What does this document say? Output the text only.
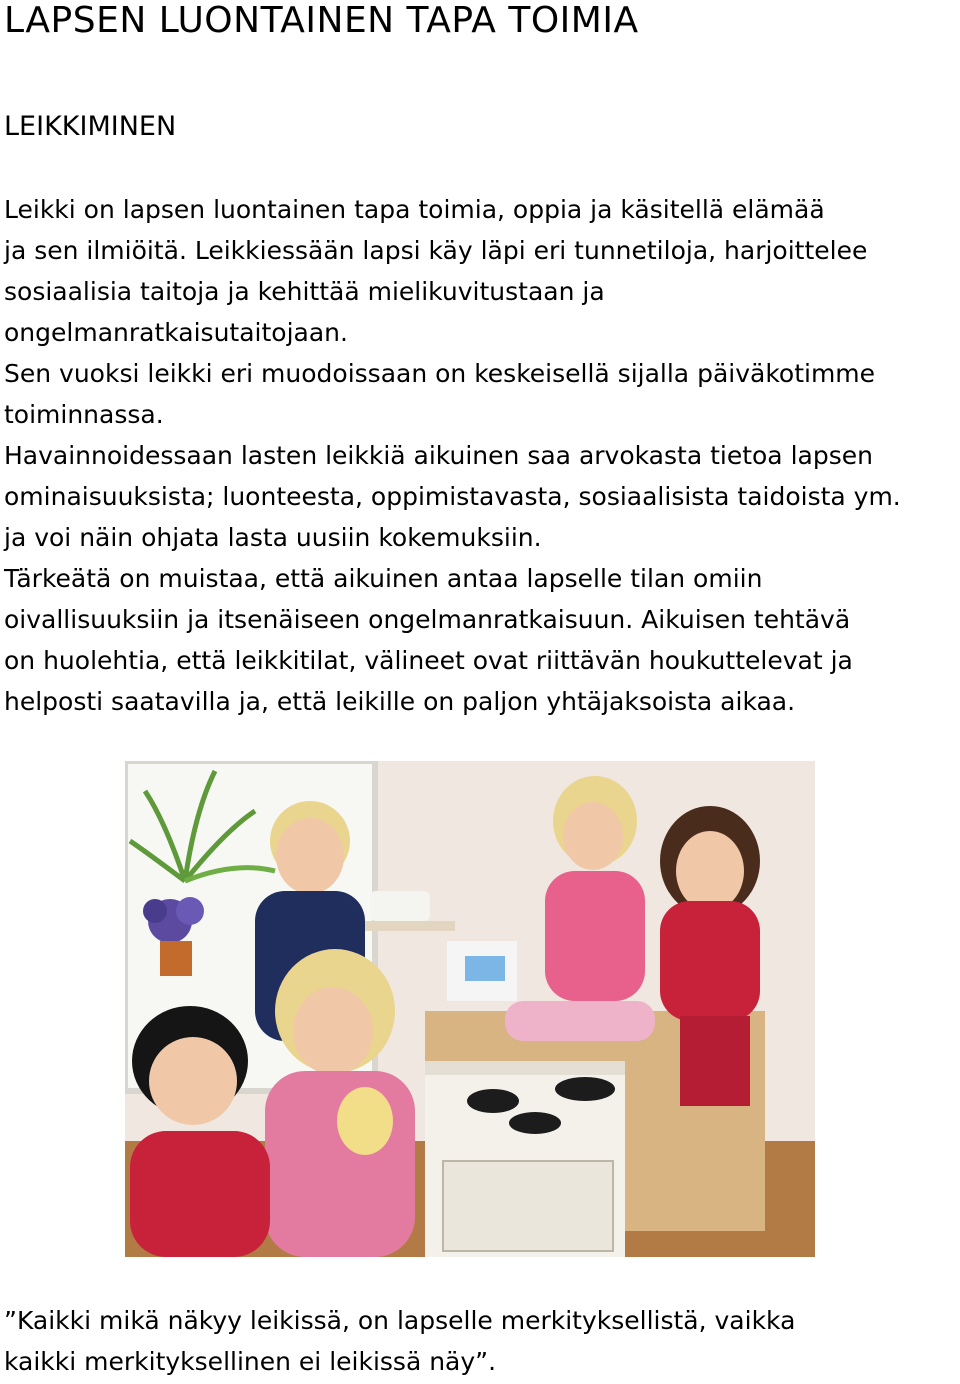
LAPSEN LUONTAINEN TAPA TOIMIA
LEIKKIMINEN
Leikki on lapsen luontainen tapa toimia, oppia ja käsitellä elämää
ja sen ilmiöitä. Leikkiessään lapsi käy läpi eri tunnetiloja, harjoittelee
sosiaalisia taitoja ja kehittää mielikuvitustaan ja
ongelmanratkaisutaitojaan.
Sen vuoksi leikki eri muodoissaan on keskeisellä sijalla päiväkotimme
toiminnassa.
Havainnoidessaan lasten leikkiä aikuinen saa arvokasta tietoa lapsen
ominaisuuksista; luonteesta, oppimistavasta, sosiaalisista taidoista ym.
ja voi näin ohjata lasta uusiin kokemuksiin.
Tärkeätä on muistaa, että aikuinen antaa lapselle tilan omiin
oivallisuuksiin ja itsenäiseen ongelmanratkaisuun. Aikuisen tehtävä
on huolehtia, että leikkitilat, välineet ovat riittävän houkuttelevat ja
helposti saatavilla ja, että leikille on paljon yhtäjaksoista aikaa.
”Kaikki mikä näkyy leikissä, on lapselle merkityksellistä, vaikka
kaikki merkityksellinen ei leikissä näy”.
